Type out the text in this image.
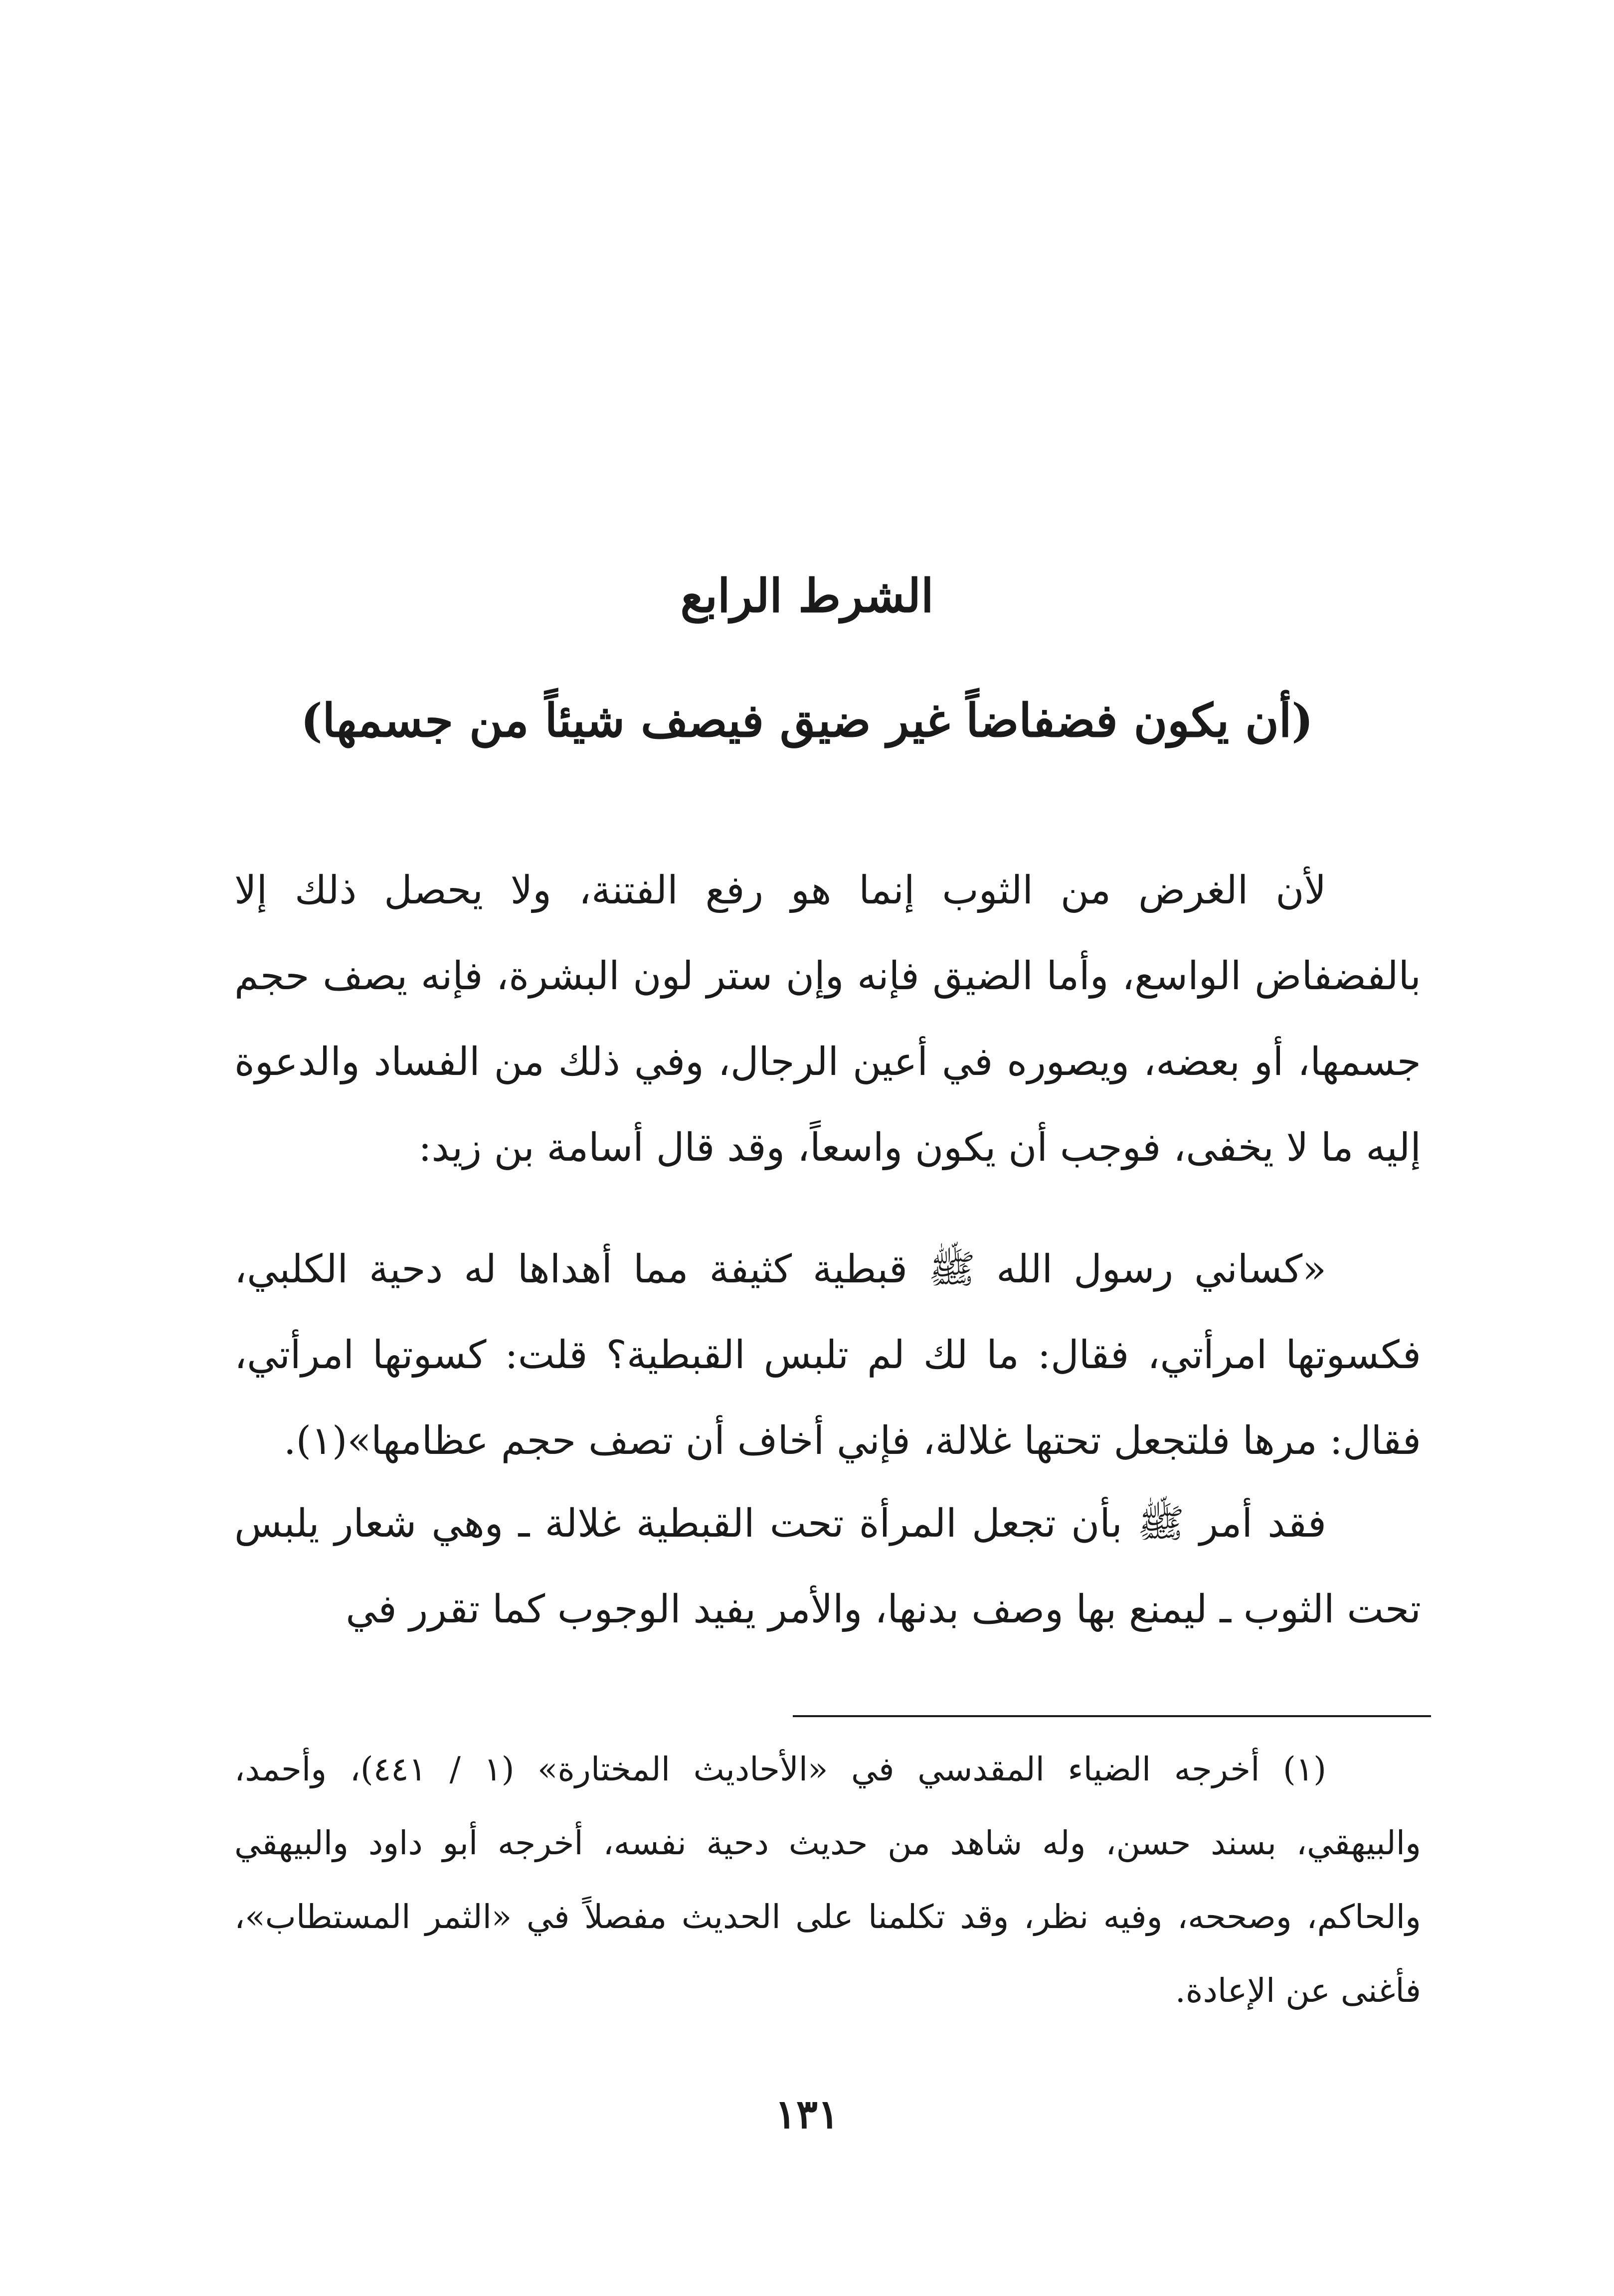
الشرط الرابع
(أن يكون فضفاضاً غير ضيق فيصف شيئاً من جسمها)

لأن الغرض من الثوب إنما هو رفع الفتنة، ولا يحصل ذلك إلا بالفضفاض الواسع، وأما الضيق فإنه وإن ستر لون البشرة، فإنه يصف حجم جسمها، أو بعضه، ويصوره في أعين الرجال، وفي ذلك من الفساد والدعوة إليه ما لا يخفى، فوجب أن يكون واسعاً، وقد قال أسامة بن زيد:

«كساني رسول الله ﷺ قبطية كثيفة مما أهداها له دحية الكلبي، فكسوتها امرأتي، فقال: ما لك لم تلبس القبطية؟ قلت: كسوتها امرأتي، فقال: مرها فلتجعل تحتها غلالة، فإني أخاف أن تصف حجم عظامها»(١).

فقد أمر ﷺ بأن تجعل المرأة تحت القبطية غلالة ـ وهي شعار يلبس تحت الثوب ـ ليمنع بها وصف بدنها، والأمر يفيد الوجوب كما تقرر في

(١) أخرجه الضياء المقدسي في «الأحاديث المختارة» (١ / ٤٤١)، وأحمد، والبيهقي، بسند حسن، وله شاهد من حديث دحية نفسه، أخرجه أبو داود والبيهقي والحاكم، وصححه، وفيه نظر، وقد تكلمنا على الحديث مفصلاً في «الثمر المستطاب»، فأغنى عن الإعادة.

١٣١
